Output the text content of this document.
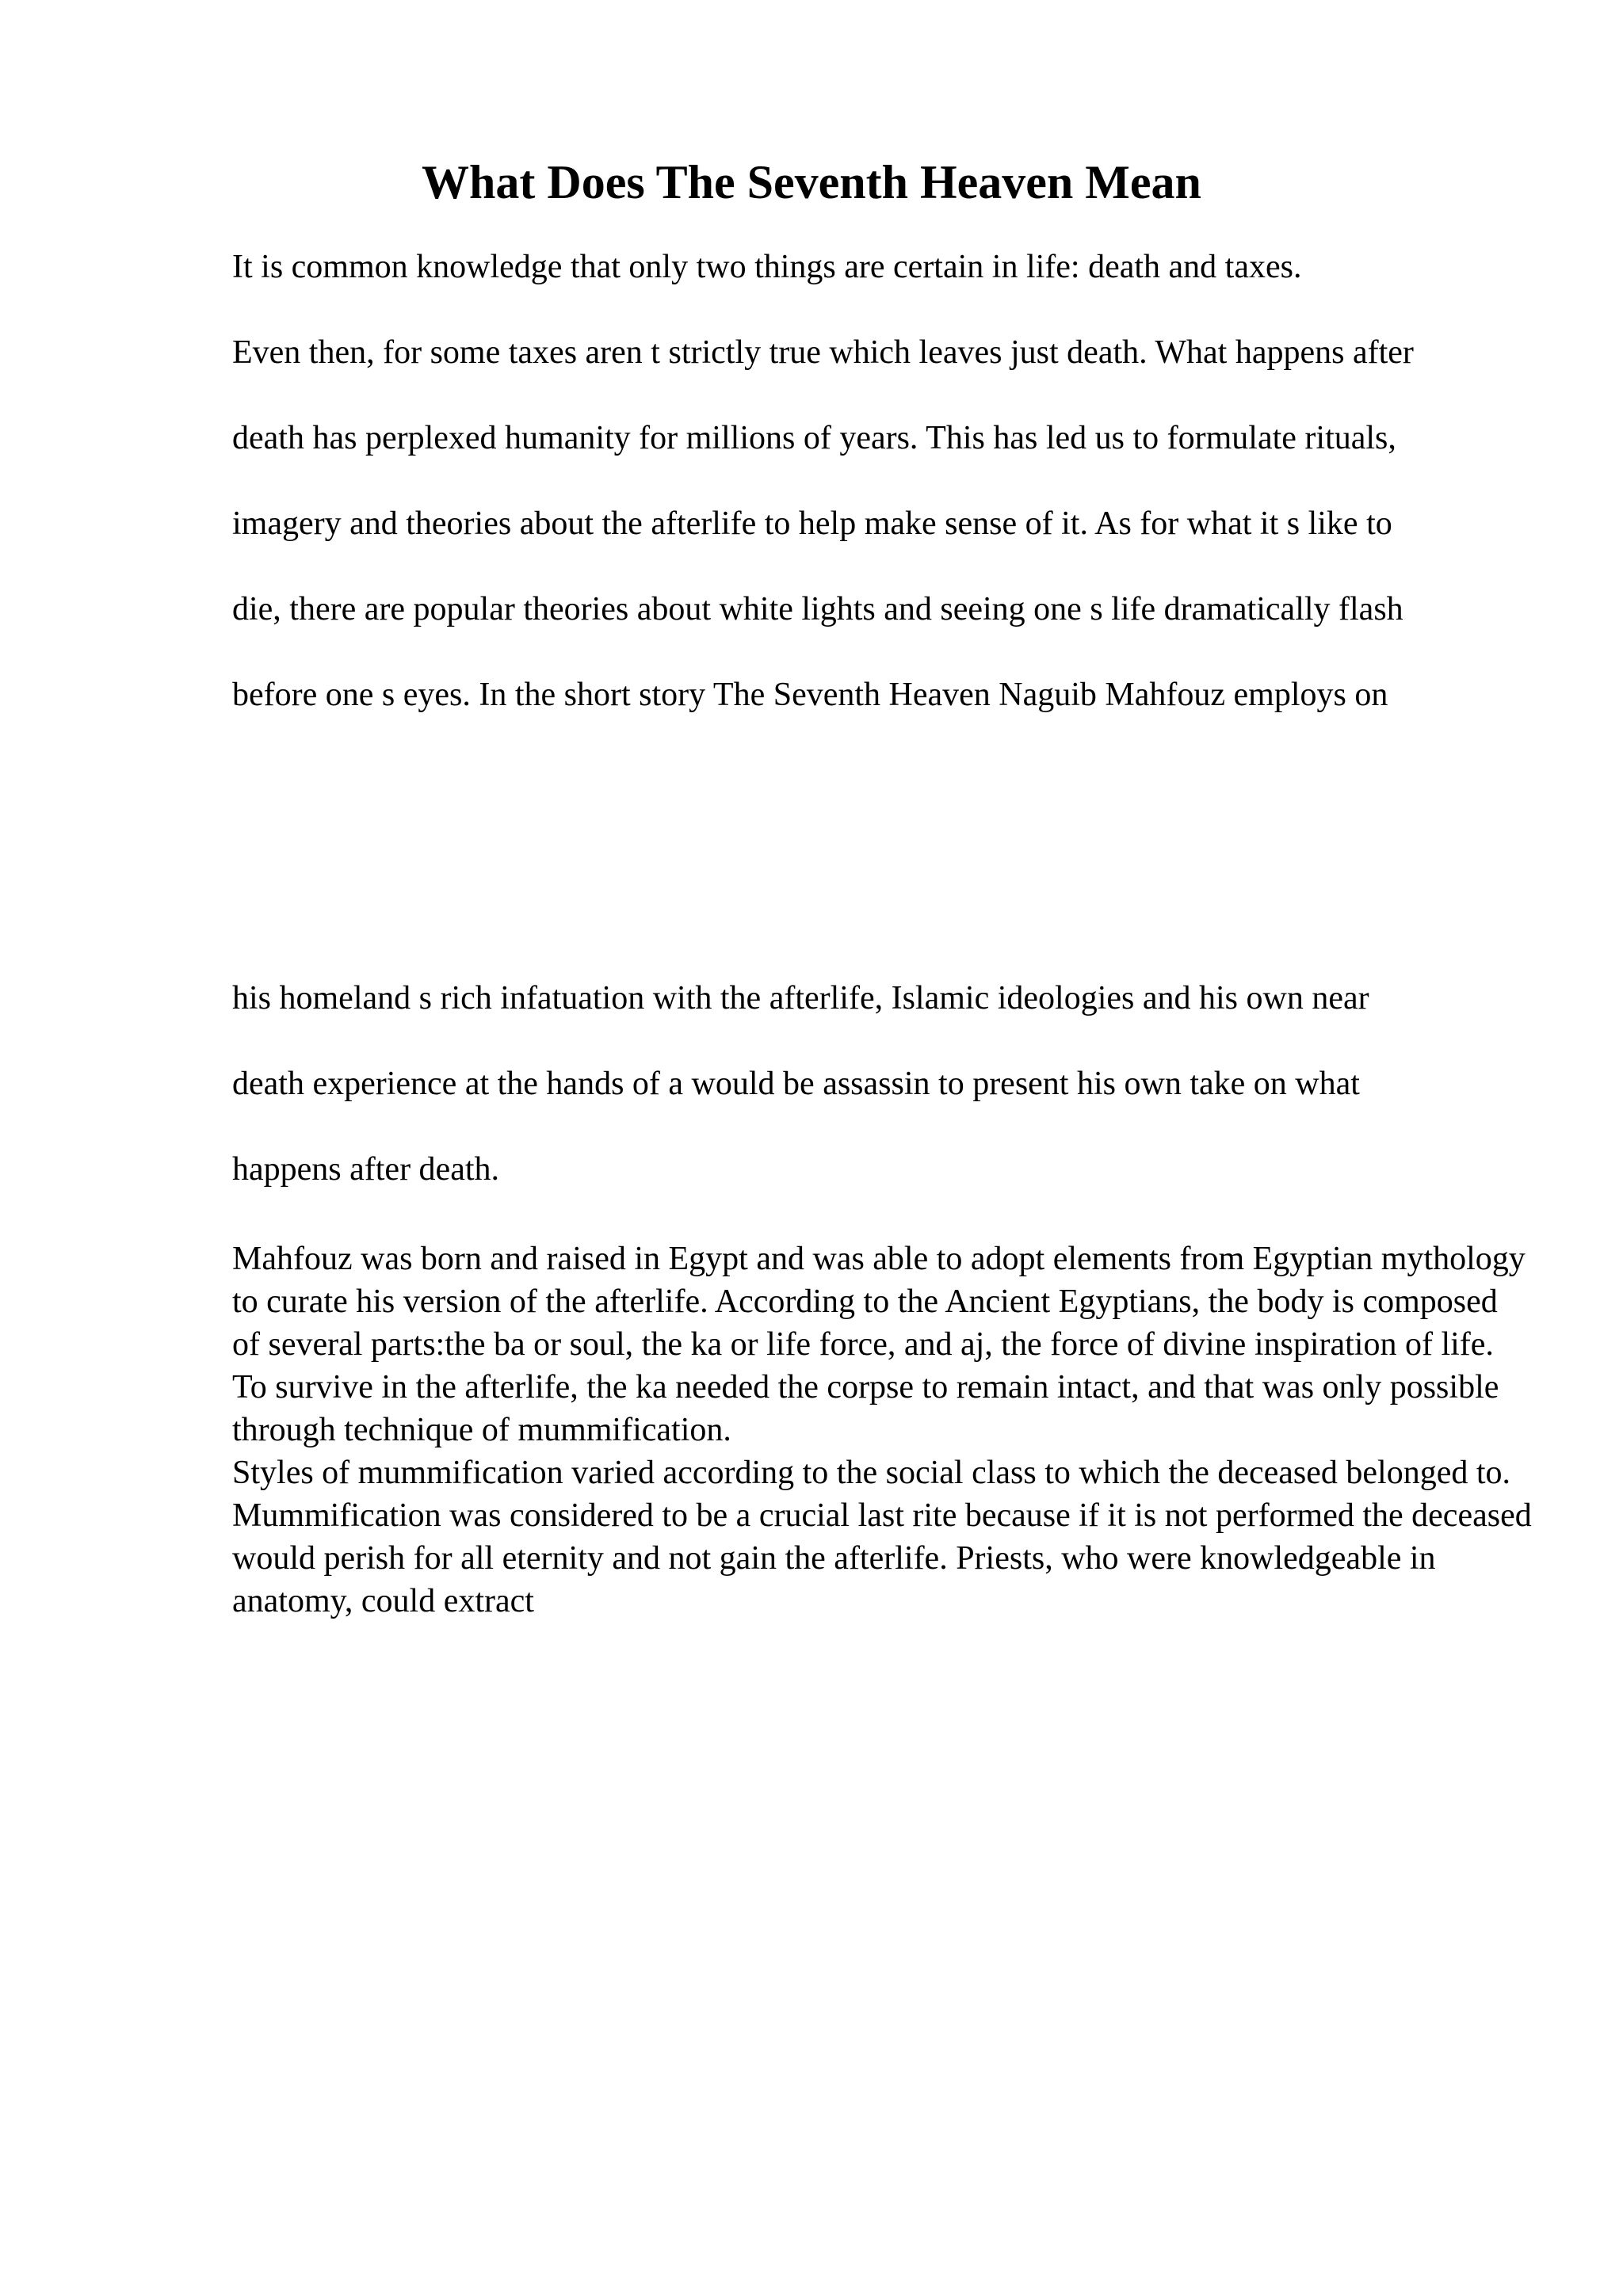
What Does The Seventh Heaven Mean

It is common knowledge that only two things are certain in life: death and taxes.

Even then, for some taxes aren t strictly true which leaves just death. What happens after

death has perplexed humanity for millions of years. This has led us to formulate rituals,

imagery and theories about the afterlife to help make sense of it. As for what it s like to

die, there are popular theories about white lights and seeing one s life dramatically flash

before one s eyes. In the short story The Seventh Heaven Naguib Mahfouz employs on

his homeland s rich infatuation with the afterlife, Islamic ideologies and his own near

death experience at the hands of a would be assassin to present his own take on what

happens after death.

Mahfouz was born and raised in Egypt and was able to adopt elements from Egyptian mythology to curate his version of the afterlife. According to the Ancient Egyptians, the body is composed of several parts:the ba or soul, the ka or life force, and aj, the force of divine inspiration of life. To survive in the afterlife, the ka needed the corpse to remain intact, and that was only possible through technique of mummification.

Styles of mummification varied according to the social class to which the deceased belonged to. Mummification was considered to be a crucial last rite because if it is not performed the deceased would perish for all eternity and not gain the afterlife. Priests, who were knowledgeable in anatomy, could extract
